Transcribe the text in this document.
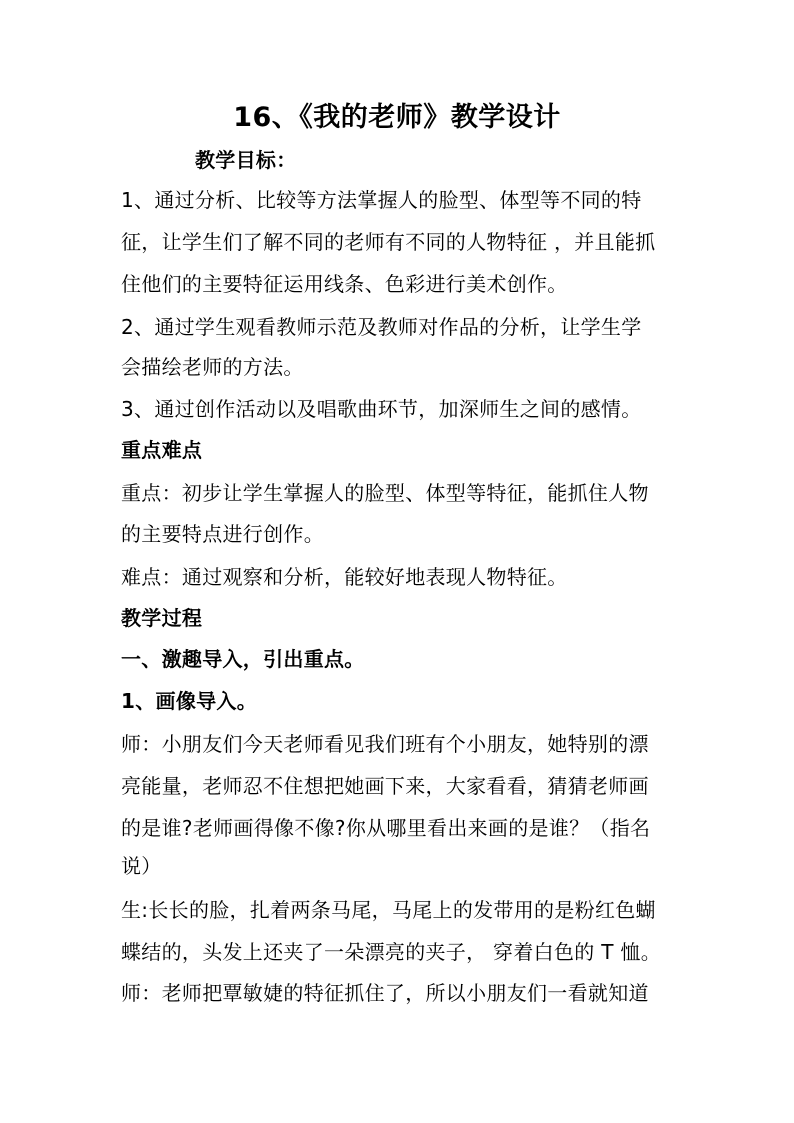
16、《我的老师》教学设计
教学目标：
1、通过分析、比较等方法掌握人的脸型、体型等不同的特
征，让学生们了解不同的老师有不同的人物特征 ，并且能抓
住他们的主要特征运用线条、色彩进行美术创作。
2、通过学生观看教师示范及教师对作品的分析，让学生学
会描绘老师的方法。
3、通过创作活动以及唱歌曲环节，加深师生之间的感情。
重点难点
重点：初步让学生掌握人的脸型、体型等特征，能抓住人物
的主要特点进行创作。
难点：通过观察和分析，能较好地表现人物特征。
教学过程
一、激趣导入，引出重点。
1、画像导入。
师：小朋友们今天老师看见我们班有个小朋友，她特别的漂
亮能量，老师忍不住想把她画下来，大家看看，猜猜老师画
的是谁?老师画得像不像?你从哪里看出来画的是谁？（指名
说）
生:长长的脸，扎着两条马尾，马尾上的发带用的是粉红色蝴
蝶结的，头发上还夹了一朵漂亮的夹子， 穿着白色的 T 恤。
师：老师把覃敏婕的特征抓住了，所以小朋友们一看就知道
